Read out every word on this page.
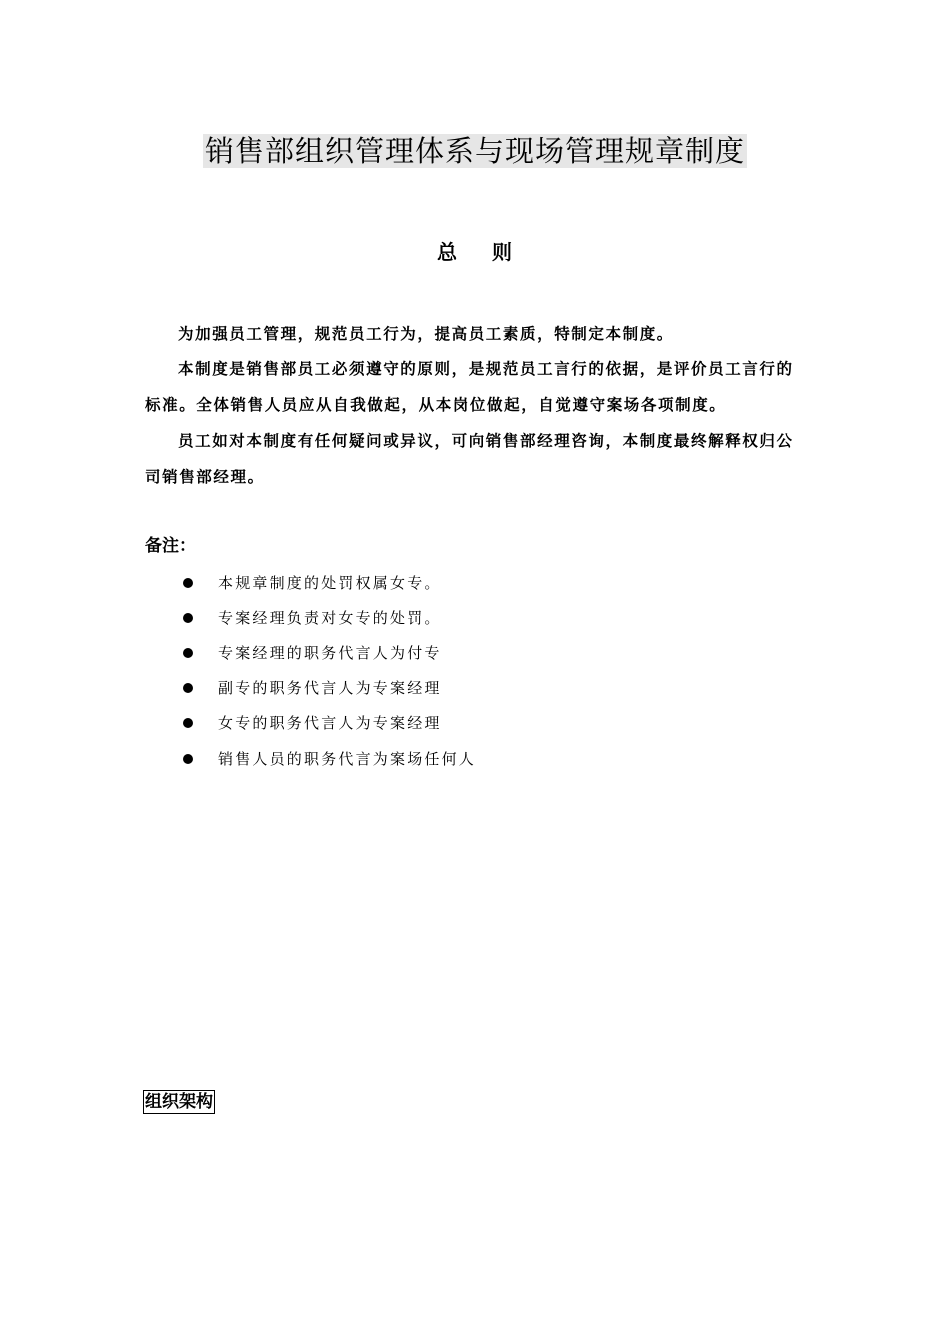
销售部组织管理体系与现场管理规章制度
总 则
为加强员工管理，规范员工行为，提高员工素质，特制定本制度。
本制度是销售部员工必须遵守的原则，是规范员工言行的依据，是评价员工言行的标准。全体销售人员应从自我做起，从本岗位做起，自觉遵守案场各项制度。
员工如对本制度有任何疑问或异议，可向销售部经理咨询，本制度最终解释权归公司销售部经理。
备注：
本规章制度的处罚权属女专。
专案经理负责对女专的处罚。
专案经理的职务代言人为付专
副专的职务代言人为专案经理
女专的职务代言人为专案经理
销售人员的职务代言为案场任何人
组织架构
